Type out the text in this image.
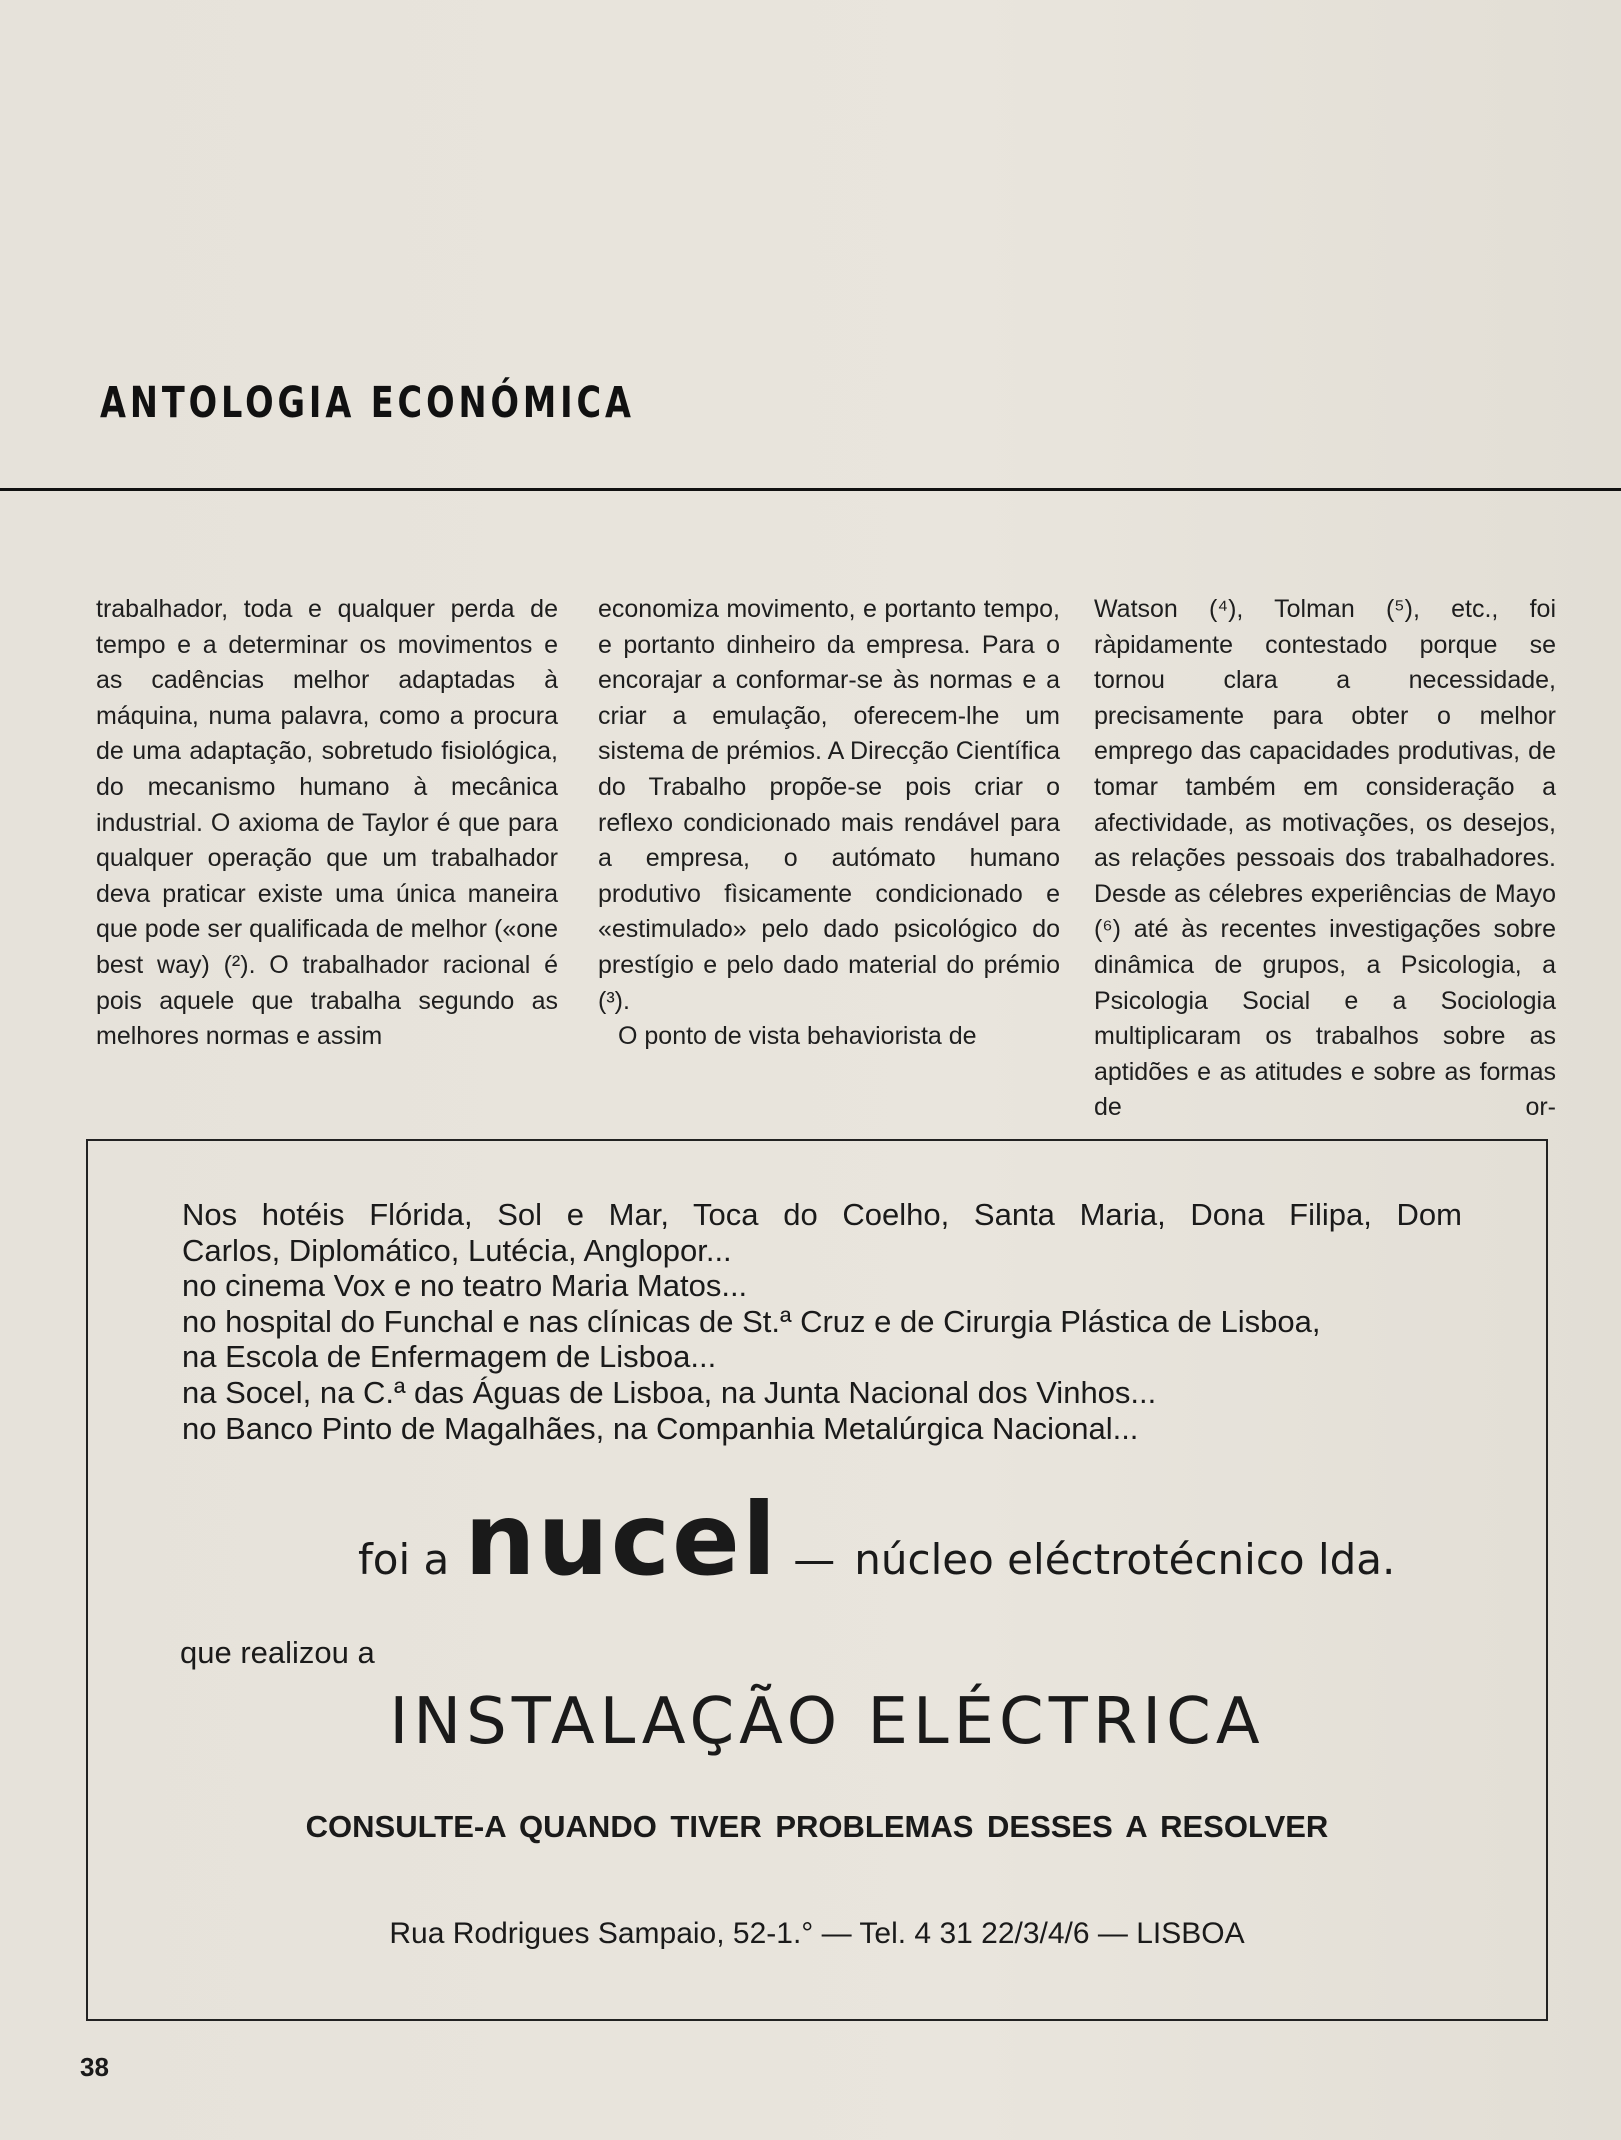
ANTOLOGIA ECONÓMICA

trabalhador, toda e qualquer perda de tempo e a determinar os movimentos e as cadências melhor adaptadas à máquina, numa palavra, como a procura de uma adaptação, sobretudo fisiológica, do mecanismo humano à mecânica industrial. O axioma de Taylor é que para qualquer operação que um trabalhador deva praticar existe uma única maneira que pode ser qualificada de melhor («one best way) (²). O trabalhador racional é pois aquele que trabalha segundo as melhores normas e assim

economiza movimento, e portanto tempo, e portanto dinheiro da empresa. Para o encorajar a conformar-se às normas e a criar a emulação, oferecem-lhe um sistema de prémios. A Direcção Científica do Trabalho propõe-se pois criar o reflexo condicionado mais rendável para a empresa, o autómato humano produtivo fìsicamente condicionado e «estimulado» pelo dado psicológico do prestígio e pelo dado material do prémio (³).

O ponto de vista behaviorista de

Watson (⁴), Tolman (⁵), etc., foi ràpidamente contestado porque se tornou clara a necessidade, precisamente para obter o melhor emprego das capacidades produtivas, de tomar também em consideração a afectividade, as motivações, os desejos, as relações pessoais dos trabalhadores. Desde as célebres experiências de Mayo (⁶) até às recentes investigações sobre dinâmica de grupos, a Psicologia, a Psicologia Social e a Sociologia multiplicaram os trabalhos sobre as aptidões e as atitudes e sobre as formas de or-

Nos hotéis Flórida, Sol e Mar, Toca do Coelho, Santa Maria, Dona Filipa, Dom
Carlos, Diplomático, Lutécia, Anglopor...
no cinema Vox e no teatro Maria Matos...
no hospital do Funchal e nas clínicas de St.ª Cruz e de Cirurgia Plástica de Lisboa,
na Escola de Enfermagem de Lisboa...
na Socel, na C.ª das Águas de Lisboa, na Junta Nacional dos Vinhos...
no Banco Pinto de Magalhães, na Companhia Metalúrgica Nacional...
foi a nucel — núcleo eléctrotécnico lda.
que realizou a
INSTALAÇÃO ELÉCTRICA
CONSULTE-A QUANDO TIVER PROBLEMAS DESSES A RESOLVER
Rua Rodrigues Sampaio, 52-1.° — Tel. 4 31 22/3/4/6 — LISBOA
38
